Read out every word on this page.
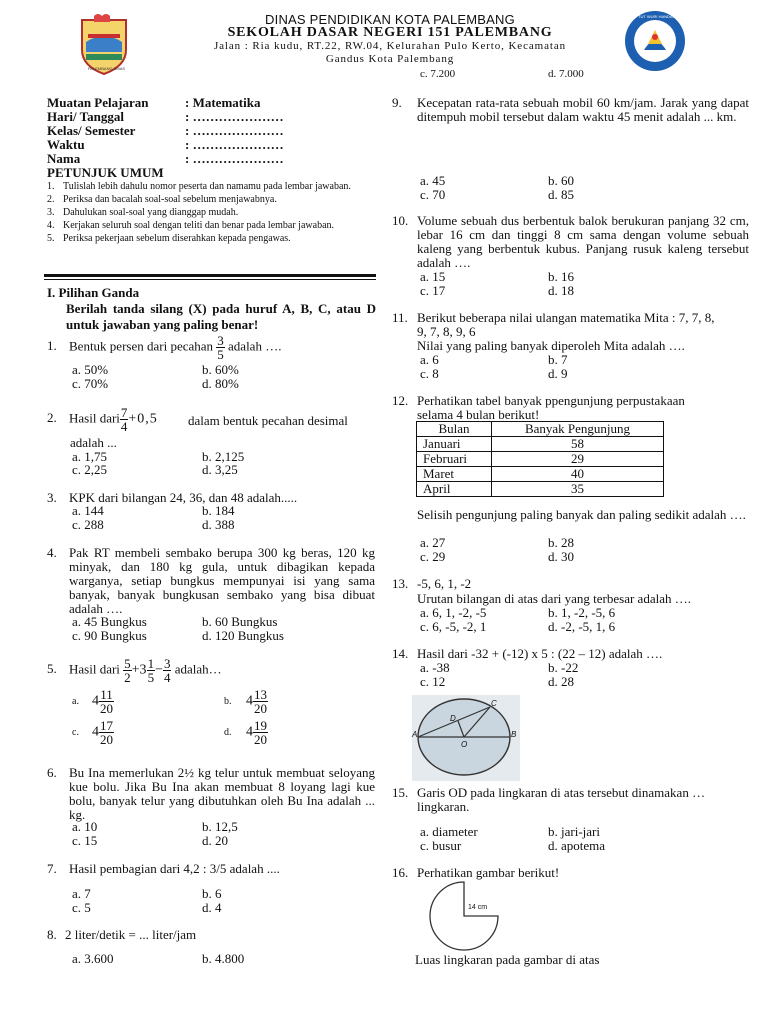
PALEMBANG EMAS
TUT WURI HANDAYANI
DINAS PENDIDIKAN KOTA PALEMBANG
SEKOLAH DASAR NEGERI 151 PALEMBANG
Jalan : Ria kudu, RT.22, RW.04, Kelurahan Pulo Kerto, Kecamatan
Gandus Kota Palembang
c. 7.200	d. 7.000
Muatan Pelajaran	: Matematika
Hari/ Tanggal	: …………………
Kelas/ Semester	: …………………
Waktu	: …………………
Nama	: …………………
PETUNJUK UMUM
1. Tulislah lebih dahulu nomor peserta dan namamu pada lembar jawaban.
2. Periksa dan bacalah soal-soal sebelum menjawabnya.
3. Dahulukan soal-soal yang dianggap mudah.
4. Kerjakan seluruh soal dengan teliti dan benar pada lembar jawaban.
5. Periksa pekerjaan sebelum diserahkan kepada pengawas.
I. Pilihan Ganda
Berilah tanda silang (X) pada huruf A, B, C, atau D untuk jawaban yang paling benar!
1. Bentuk persen dari pecahan $\frac{3}{5}$ adalah ….
a. 50%	b. 60%
c. 70%	d. 80%
2. Hasil dari $\frac{7}{4} +0,5$ dalam bentuk pecahan desimal
adalah ...
a. 1,75	b. 2,125
c. 2,25	d. 3,25
3. KPK dari bilangan 24, 36, dan 48 adalah.....
a. 144	b. 184
c. 288	d. 388
4. Pak RT membeli sembako berupa 300 kg beras, 120 kg minyak, dan 180 kg gula, untuk dibagikan kepada warganya, setiap bungkus mempunyai isi yang sama banyak, banyak bungkusan sembako yang bisa dibuat adalah ….
a. 45 Bungkus	b. 60 Bungkus
c. 90 Bungkus	d. 120 Bungkus
5. Hasil dari $\frac{5}{2} +3 \frac{1}{5} - \frac{3}{4}$ adalah…
a. $4 \frac{11}{20}$	b. $4 \frac{13}{20}$
c. $4 \frac{17}{20}$	d. $4 \frac{19}{20}$
6. Bu Ina memerlukan 2½ kg telur untuk membuat seloyang kue bolu. Jika Bu Ina akan membuat 8 loyang lagi kue bolu, banyak telur yang dibutuhkan oleh Bu Ina adalah ... kg.
a. 10	b. 12,5
c. 15	d. 20
7. Hasil pembagian dari 4,2 : 3/5 adalah ....
a. 7	b. 6
c. 5	d. 4
8. 2 liter/detik = ... liter/jam
a. 3.600	b. 4.800
9. Kecepatan rata-rata sebuah mobil 60 km/jam. Jarak yang dapat ditempuh mobil tersebut dalam waktu 45 menit adalah ... km.
a. 45	b. 60
c. 70	d. 85
10. Volume sebuah dus berbentuk balok berukuran panjang 32 cm, lebar 16 cm dan tinggi 8 cm sama dengan volume sebuah kaleng yang berbentuk kubus. Panjang rusuk kaleng tersebut adalah ….
a. 15	b. 16
c. 17	d. 18
11. Berikut beberapa nilai ulangan matematika Mita : 7, 7, 8, 9, 7, 8, 9, 6
Nilai yang paling banyak diperoleh Mita adalah ….
a. 6	b. 7
c. 8	d. 9
12. Perhatikan tabel banyak ppengunjung perpustakaan selama 4 bulan berikut!
Bulan	Banyak Pengunjung
Januari	58
Februari	29
Maret	40
April	35
Selisih pengunjung paling banyak dan paling sedikit adalah ….
a. 27	b. 28
c. 29	d. 30
13. -5, 6, 1, -2
Urutan bilangan di atas dari yang terbesar adalah ….
a. 6, 1, -2, -5	b. 1, -2, -5, 6
c. 6, -5, -2, 1	d. -2, -5, 1, 6
14. Hasil dari -32 + (-12) x 5 : (22 – 12) adalah ….
a. -38	b. -22
c. 12	d. 28
A	B
C
D
O
15. Garis OD pada lingkaran di atas tersebut dinamakan … lingkaran.
a. diameter	b. jari-jari
c. busur	d. apotema
16. Perhatikan gambar berikut!
14 cm
Luas lingkaran pada gambar di atas
